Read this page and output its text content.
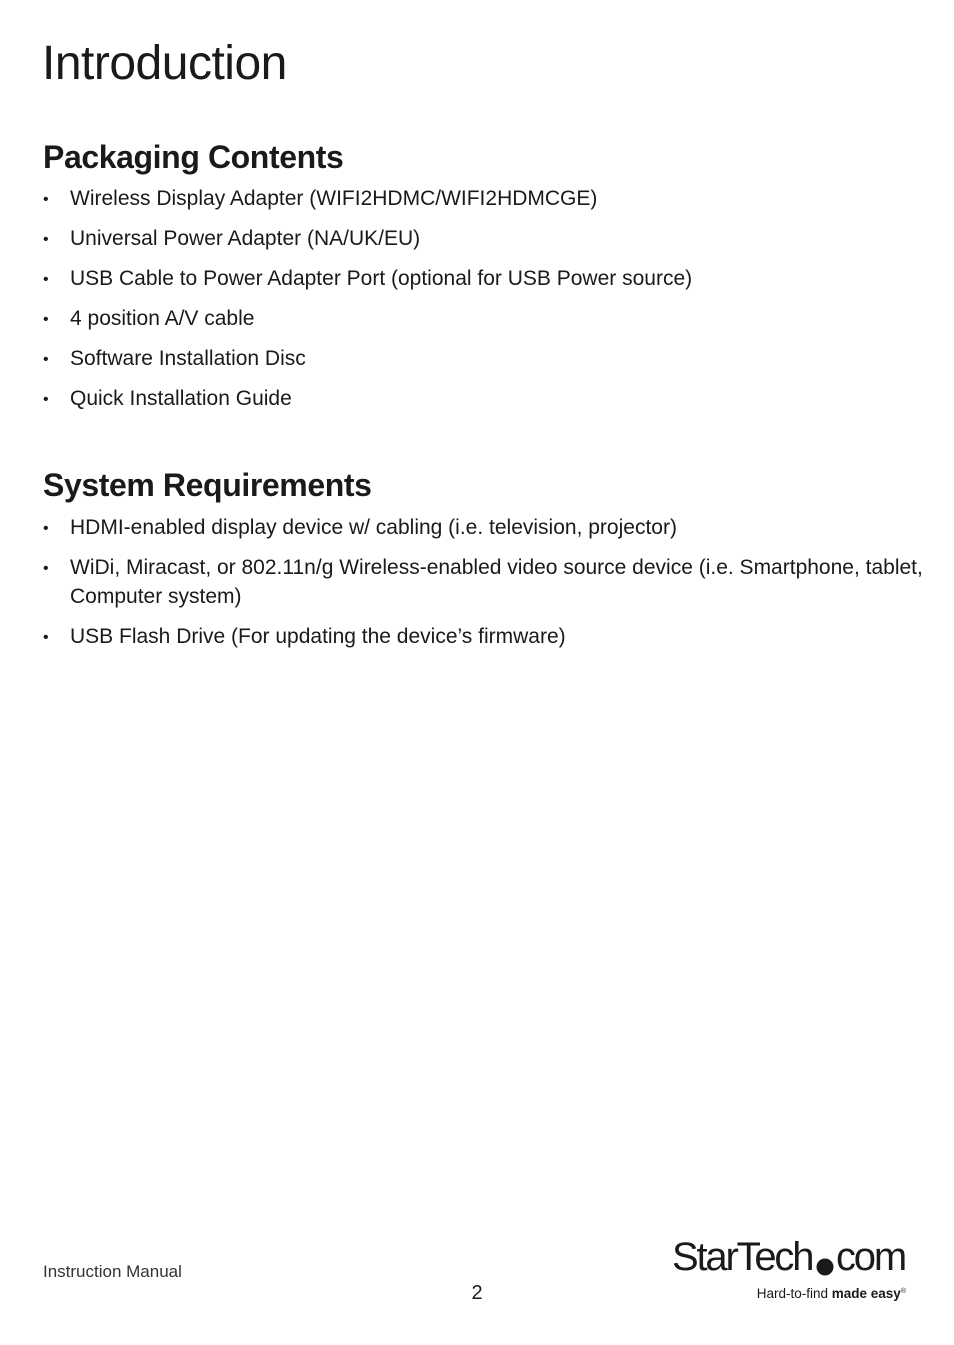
Introduction
Packaging Contents
• Wireless Display Adapter (WIFI2HDMC/WIFI2HDMCGE)
• Universal Power Adapter (NA/UK/EU)
• USB Cable to Power Adapter Port (optional for USB Power source)
• 4 position A/V cable
• Software Installation Disc
• Quick Installation Guide
System Requirements
• HDMI-enabled display device w/ cabling (i.e. television, projector)
• WiDi, Miracast, or 802.11n/g Wireless-enabled video source device (i.e. Smartphone, tablet, Computer system)
• USB Flash Drive (For updating the device’s firmware)
Instruction Manual
2
StarTech com
Hard-to-find made easy®
